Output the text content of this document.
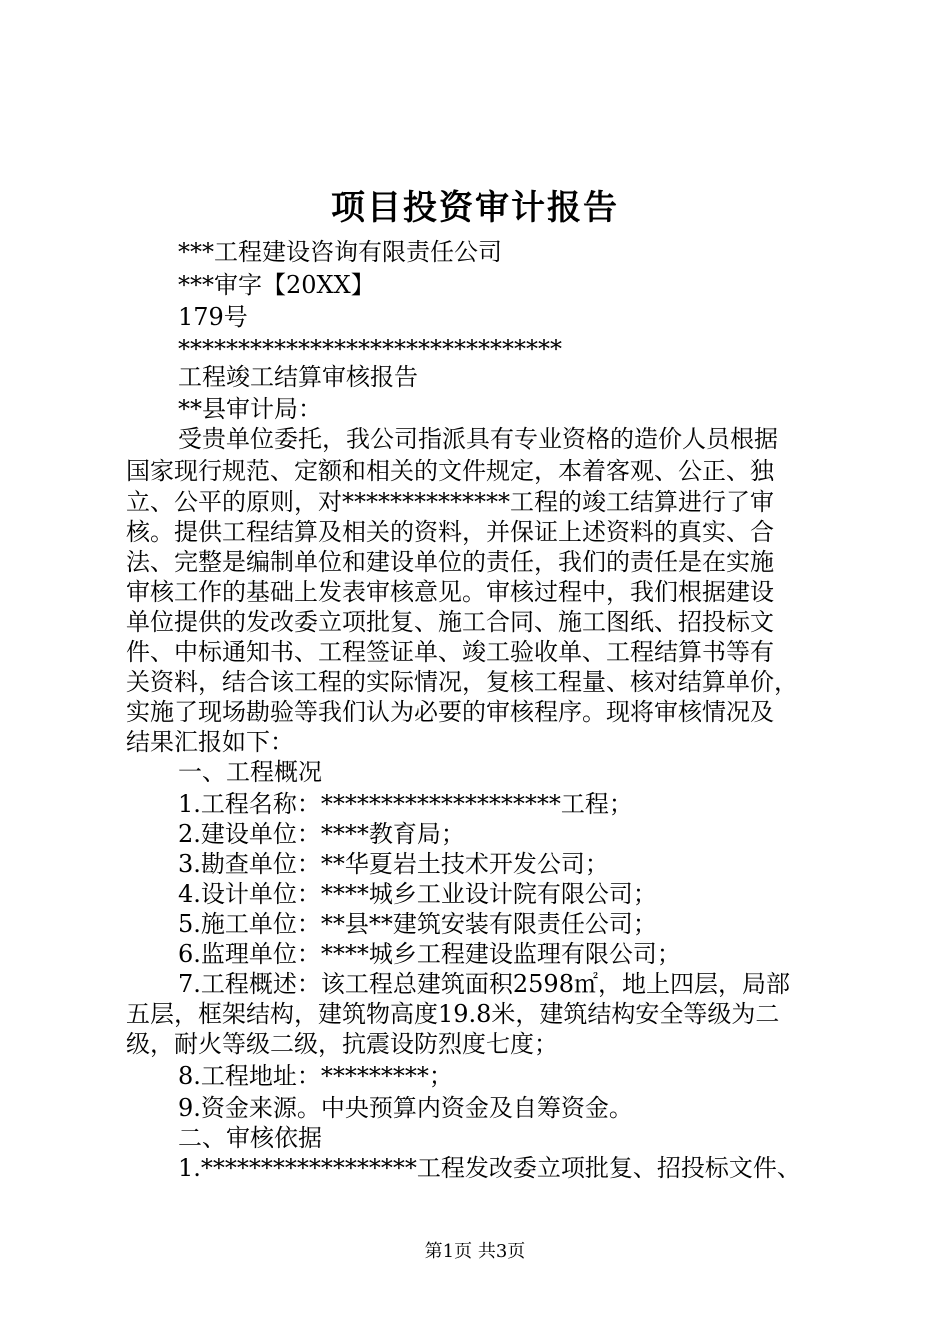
项目投资审计报告
***工程建设咨询有限责任公司
***审字【20XX】
179号
********************************
工程竣工结算审核报告
**县审计局：
受贵单位委托，我公司指派具有专业资格的造价人员根据
国家现行规范、定额和相关的文件规定，本着客观、公正、独
立、公平的原则，对**************工程的竣工结算进行了审
核。提供工程结算及相关的资料，并保证上述资料的真实、合
法、完整是编制单位和建设单位的责任，我们的责任是在实施
审核工作的基础上发表审核意见。审核过程中，我们根据建设
单位提供的发改委立项批复、施工合同、施工图纸、招投标文
件、中标通知书、工程签证单、竣工验收单、工程结算书等有
关资料，结合该工程的实际情况，复核工程量、核对结算单价，
实施了现场勘验等我们认为必要的审核程序。现将审核情况及
结果汇报如下：
一、工程概况
1.工程名称：********************工程；
2.建设单位：****教育局；
3.勘查单位：**华夏岩土技术开发公司；
4.设计单位：****城乡工业设计院有限公司；
5.施工单位：**县**建筑安装有限责任公司；
6.监理单位：****城乡工程建设监理有限公司；
7.工程概述：该工程总建筑面积2598㎡，地上四层，局部
五层，框架结构，建筑物高度19.8米，建筑结构安全等级为二
级，耐火等级二级，抗震设防烈度七度；
8.工程地址：*********；
9.资金来源。中央预算内资金及自筹资金。
二、审核依据
1.******************工程发改委立项批复、招投标文件、
第1页 共3页
